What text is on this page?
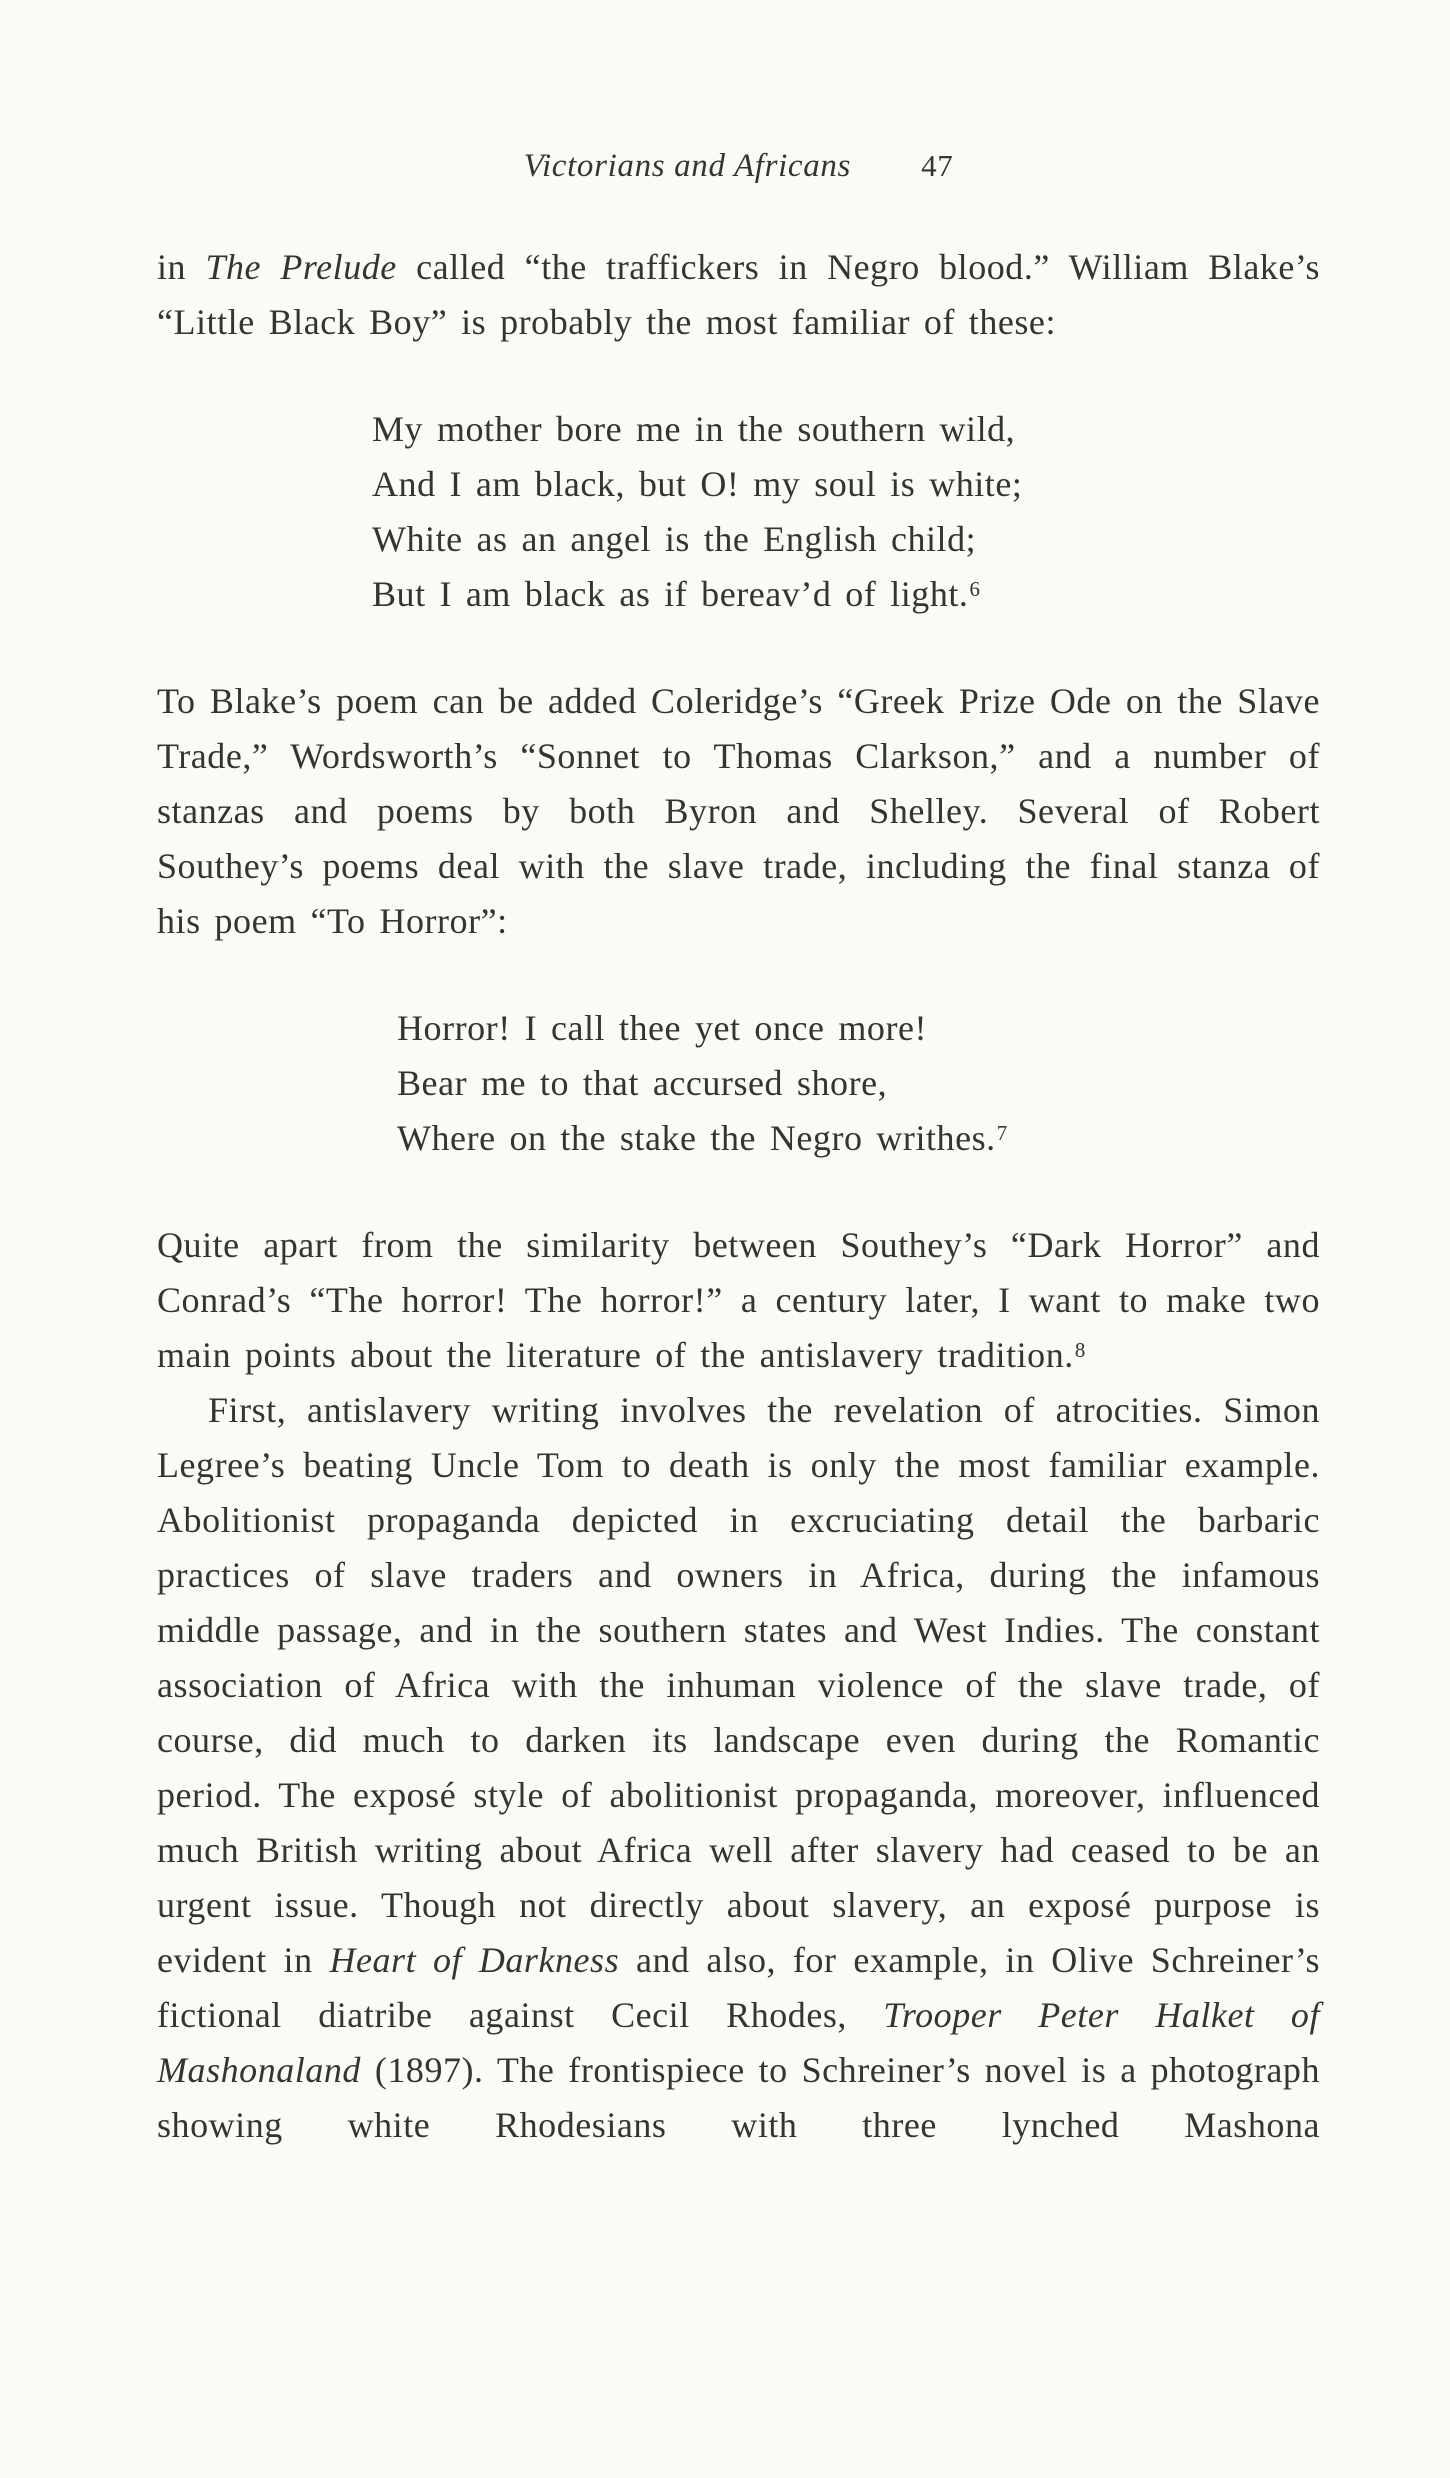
Victorians and Africans 47

in The Prelude called “the traffickers in Negro blood.” William Blake’s “Little Black Boy” is probably the most familiar of these:

My mother bore me in the southern wild,
And I am black, but O! my soul is white;
White as an angel is the English child;
But I am black as if bereav’d of light.$^6$

To Blake’s poem can be added Coleridge’s “Greek Prize Ode on the Slave Trade,” Wordsworth’s “Sonnet to Thomas Clarkson,” and a number of stanzas and poems by both Byron and Shelley. Several of Robert Southey’s poems deal with the slave trade, including the final stanza of his poem “To Horror”:

Horror! I call thee yet once more!
Bear me to that accursed shore,
Where on the stake the Negro writhes.$^7$

Quite apart from the similarity between Southey’s “Dark Horror” and Conrad’s “The horror! The horror!” a century later, I want to make two main points about the literature of the antislavery tradition.$^8$

First, antislavery writing involves the revelation of atrocities. Simon Legree’s beating Uncle Tom to death is only the most familiar example. Abolitionist propaganda depicted in excruciating detail the barbaric practices of slave traders and owners in Africa, during the infamous middle passage, and in the southern states and West Indies. The constant association of Africa with the inhuman violence of the slave trade, of course, did much to darken its landscape even during the Romantic period. The exposé style of abolitionist propaganda, moreover, influenced much British writing about Africa well after slavery had ceased to be an urgent issue. Though not directly about slavery, an exposé purpose is evident in Heart of Darkness and also, for example, in Olive Schreiner’s fictional diatribe against Cecil Rhodes, Trooper Peter Halket of Mashonaland (1897). The frontispiece to Schreiner’s novel is a photograph showing white Rhodesians with three lynched Mashona
